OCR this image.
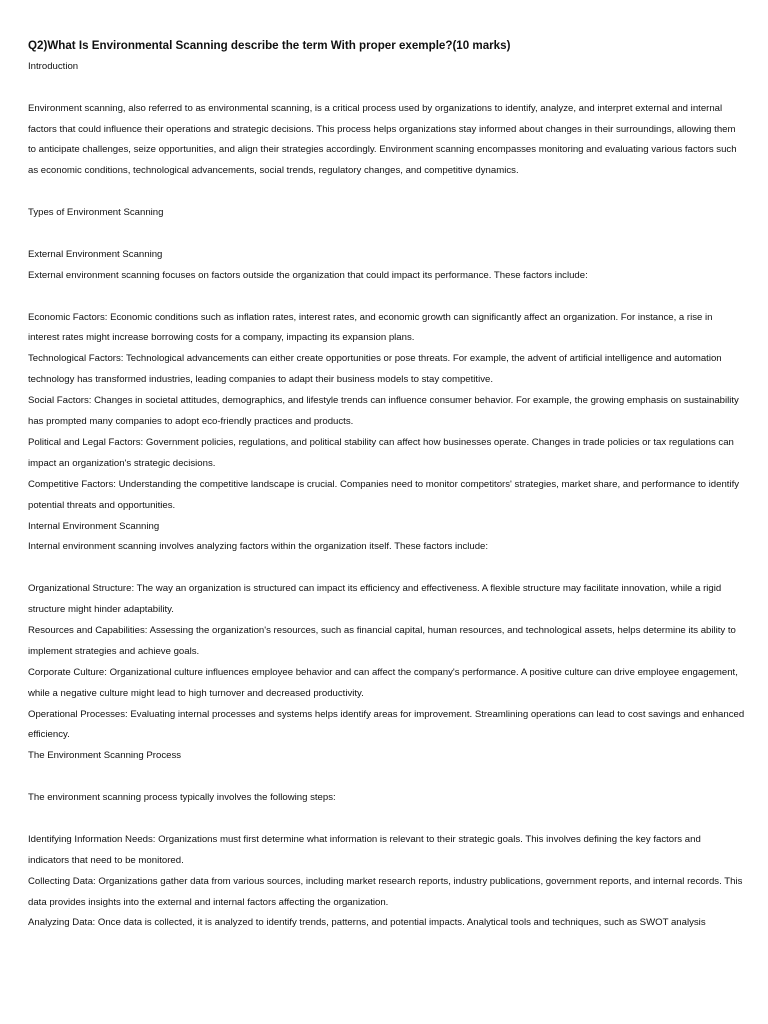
Q2)What Is Environmental Scanning describe the term With proper exemple?(10 marks)

Introduction

Environment scanning, also referred to as environmental scanning, is a critical process used by organizations to identify, analyze, and interpret external and internal

factors that could influence their operations and strategic decisions. This process helps organizations stay informed about changes in their surroundings, allowing them

to anticipate challenges, seize opportunities, and align their strategies accordingly. Environment scanning encompasses monitoring and evaluating various factors such

as economic conditions, technological advancements, social trends, regulatory changes, and competitive dynamics.

Types of Environment Scanning

External Environment Scanning

External environment scanning focuses on factors outside the organization that could impact its performance. These factors include:

Economic Factors: Economic conditions such as inflation rates, interest rates, and economic growth can significantly affect an organization. For instance, a rise in

interest rates might increase borrowing costs for a company, impacting its expansion plans.

Technological Factors: Technological advancements can either create opportunities or pose threats. For example, the advent of artificial intelligence and automation

technology has transformed industries, leading companies to adapt their business models to stay competitive.

Social Factors: Changes in societal attitudes, demographics, and lifestyle trends can influence consumer behavior. For example, the growing emphasis on sustainability

has prompted many companies to adopt eco-friendly practices and products.

Political and Legal Factors: Government policies, regulations, and political stability can affect how businesses operate. Changes in trade policies or tax regulations can

impact an organization's strategic decisions.

Competitive Factors: Understanding the competitive landscape is crucial. Companies need to monitor competitors' strategies, market share, and performance to identify

potential threats and opportunities.

Internal Environment Scanning

Internal environment scanning involves analyzing factors within the organization itself. These factors include:

Organizational Structure: The way an organization is structured can impact its efficiency and effectiveness. A flexible structure may facilitate innovation, while a rigid

structure might hinder adaptability.

Resources and Capabilities: Assessing the organization's resources, such as financial capital, human resources, and technological assets, helps determine its ability to

implement strategies and achieve goals.

Corporate Culture: Organizational culture influences employee behavior and can affect the company's performance. A positive culture can drive employee engagement,

while a negative culture might lead to high turnover and decreased productivity.

Operational Processes: Evaluating internal processes and systems helps identify areas for improvement. Streamlining operations can lead to cost savings and enhanced

efficiency.

The Environment Scanning Process

The environment scanning process typically involves the following steps:

Identifying Information Needs: Organizations must first determine what information is relevant to their strategic goals. This involves defining the key factors and

indicators that need to be monitored.

Collecting Data: Organizations gather data from various sources, including market research reports, industry publications, government reports, and internal records. This

data provides insights into the external and internal factors affecting the organization.

Analyzing Data: Once data is collected, it is analyzed to identify trends, patterns, and potential impacts. Analytical tools and techniques, such as SWOT analysis
